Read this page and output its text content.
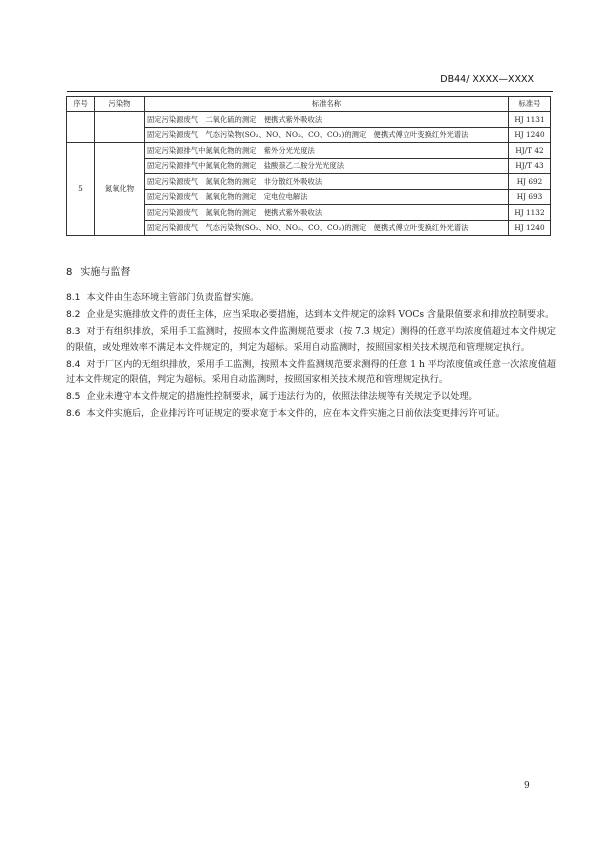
DB44/ XXXX—XXXX
序号	污染物	标准名称	标准号
		固定污染源废气　二氧化硫的测定　便携式紫外吸收法	HJ 1131
		固定污染源废气　气态污染物(SO₂、NO、NO₂、CO、CO₂)的测定　便携式傅立叶变换红外光谱法	HJ 1240
5	氮氧化物	固定污染源排气中氮氧化物的测定　紫外分光光度法	HJ/T 42
		固定污染源排气中氮氧化物的测定　盐酸萘乙二胺分光光度法	HJ/T 43
		固定污染源废气　氮氧化物的测定　非分散红外吸收法	HJ 692
		固定污染源废气　氮氧化物的测定　定电位电解法	HJ 693
		固定污染源废气　氮氧化物的测定　便携式紫外吸收法	HJ 1132
		固定污染源废气　气态污染物(SO₂、NO、NO₂、CO、CO₂)的测定　便携式傅立叶变换红外光谱法	HJ 1240
8 实施与监督

8.1 本文件由生态环境主管部门负责监督实施。

8.2 企业是实施排放文件的责任主体，应当采取必要措施，达到本文件规定的涂料 VOCs 含量限值要求和排放控制要求。

8.3 对于有组织排放，采用手工监测时，按照本文件监测规范要求（按 7.3 规定）测得的任意平均浓度值超过本文件规定的限值，或处理效率不满足本文件规定的，判定为超标。采用自动监测时，按照国家相关技术规范和管理规定执行。

8.4 对于厂区内的无组织排放，采用手工监测，按照本文件监测规范要求测得的任意 1 h 平均浓度值或任意一次浓度值超过本文件规定的限值，判定为超标。采用自动监测时，按照国家相关技术规范和管理规定执行。

8.5 企业未遵守本文件规定的措施性控制要求，属于违法行为的，依照法律法规等有关规定予以处理。

8.6 本文件实施后，企业排污许可证规定的要求宽于本文件的，应在本文件实施之日前依法变更排污许可证。

9
